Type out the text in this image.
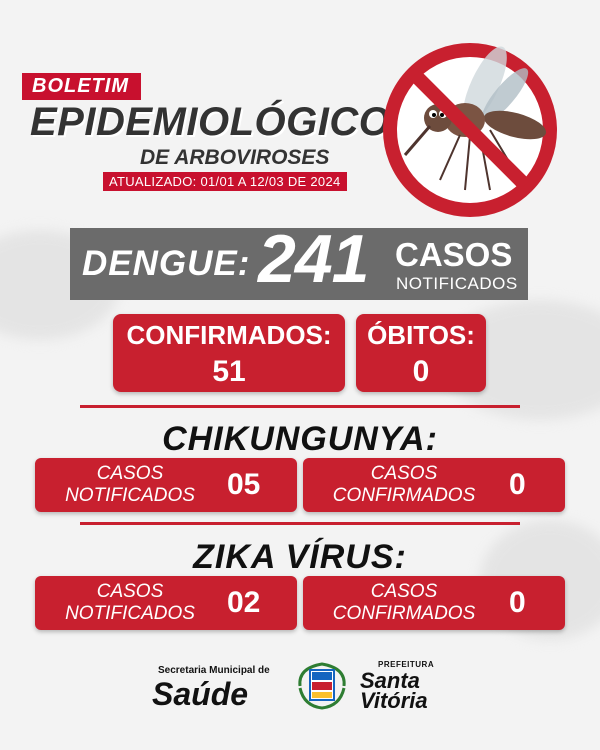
BOLETIM
EPIDEMIOLÓGICO
DE ARBOVIROSES
ATUALIZADO: 01/01 A 12/03 DE 2024
DENGUE: 241 CASOS
NOTIFICADOS
CONFIRMADOS:
51
ÓBITOS:
0
CHIKUNGUNYA:
CASOS
NOTIFICADOS	05	CASOS
CONFIRMADOS	0
ZIKA VÍRUS:
CASOS
NOTIFICADOS	02	CASOS
CONFIRMADOS	0
Secretaria Municipal de
Saúde
PREFEITURA
Santa
Vitória
